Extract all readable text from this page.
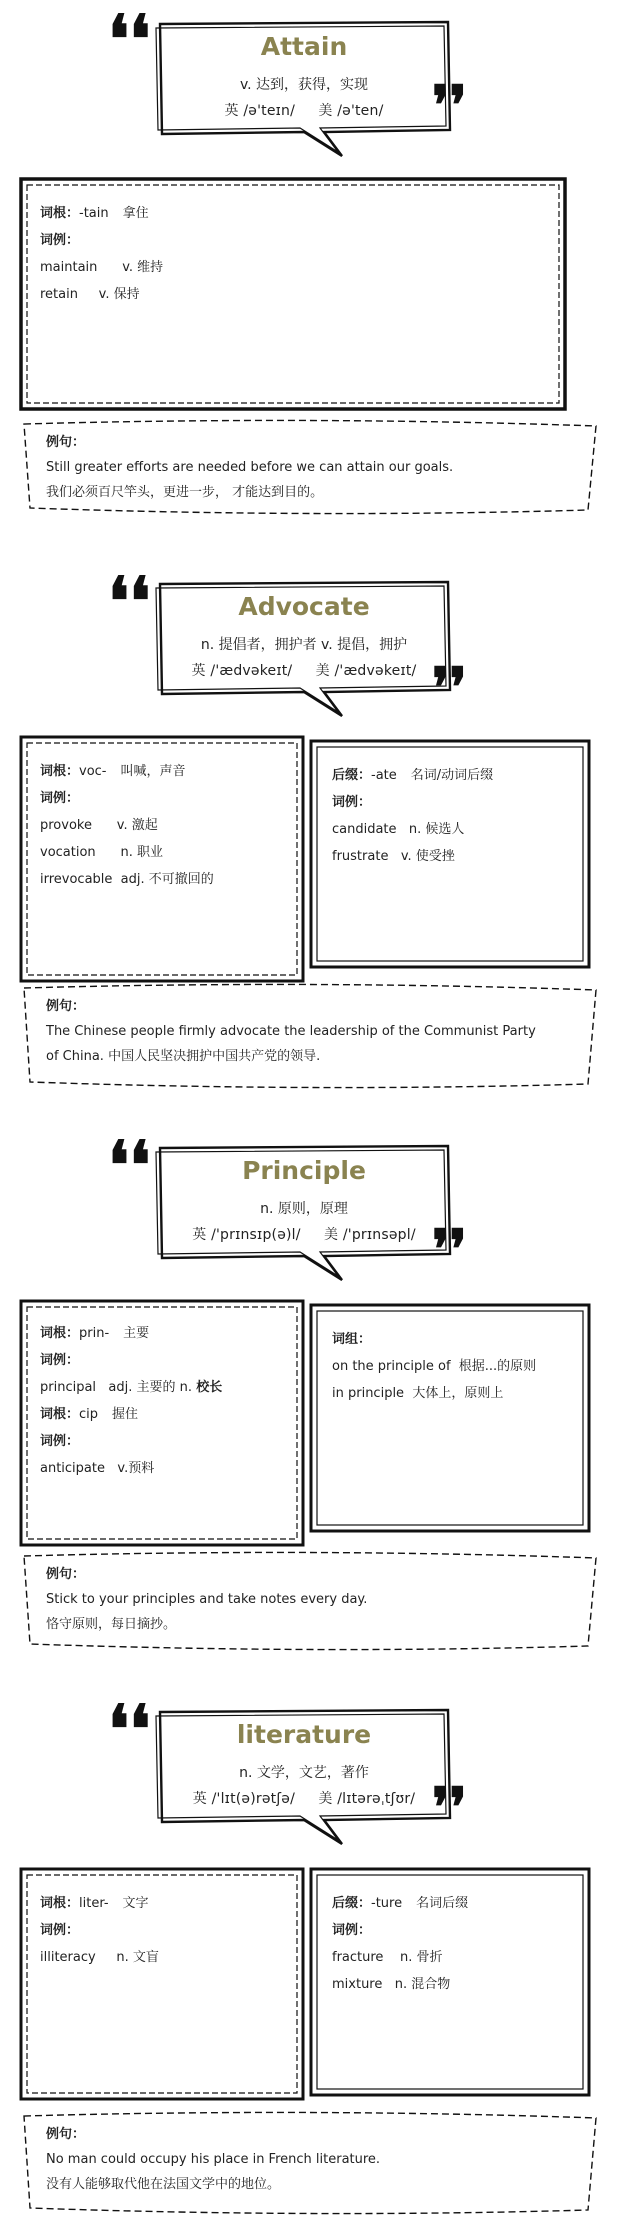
❛❛	Attain
v. 达到，获得，实现
英 /ə'teɪn/ 美 /ə'ten/ ❜❜
词根：-tain 拿住
词例：
maintain      v. 维持
retain     v. 保持
例句：
Still greater efforts are needed before we can attain our goals.
我们必须百尺竿头，更进一步， 才能达到目的。
❛❛	Advocate
n. 提倡者，拥护者 v. 提倡，拥护
英 /'ædvəkeɪt/ 美 /'ædvəkeɪt/ ❜❜
词根：voc- 叫喊，声音
词例：
provoke      v. 激起
vocation      n. 职业
irrevocable  adj. 不可撤回的
后缀：-ate 名词/动词后缀
词例：
candidate   n. 候选人
frustrate   v. 使受挫
例句：
The Chinese people firmly advocate the leadership of the Communist Party
of China. 中国人民坚决拥护中国共产党的领导.
❛❛	Principle
n. 原则，原理
英 /'prɪnsɪp(ə)l/ 美 /'prɪnsəpl/ ❜❜
词根：prin- 主要
词例：
principal   adj. 主要的 n. 校长
词根：cip 握住
词例：
anticipate   v.预料
词组：
on the principle of  根据...的原则
in principle  大体上，原则上
例句：
Stick to your principles and take notes every day.
恪守原则，每日摘抄。
❛❛	literature
n. 文学，文艺，著作
英 /'lɪt(ə)rətʃə/ 美 /lɪtərəˌtʃʊr/ ❜❜
词根：liter- 文字
词例：
illiteracy     n. 文盲
后缀：-ture 名词后缀
词例：
fracture    n. 骨折
mixture   n. 混合物
例句：
No man could occupy his place in French literature.
没有人能够取代他在法国文学中的地位。
